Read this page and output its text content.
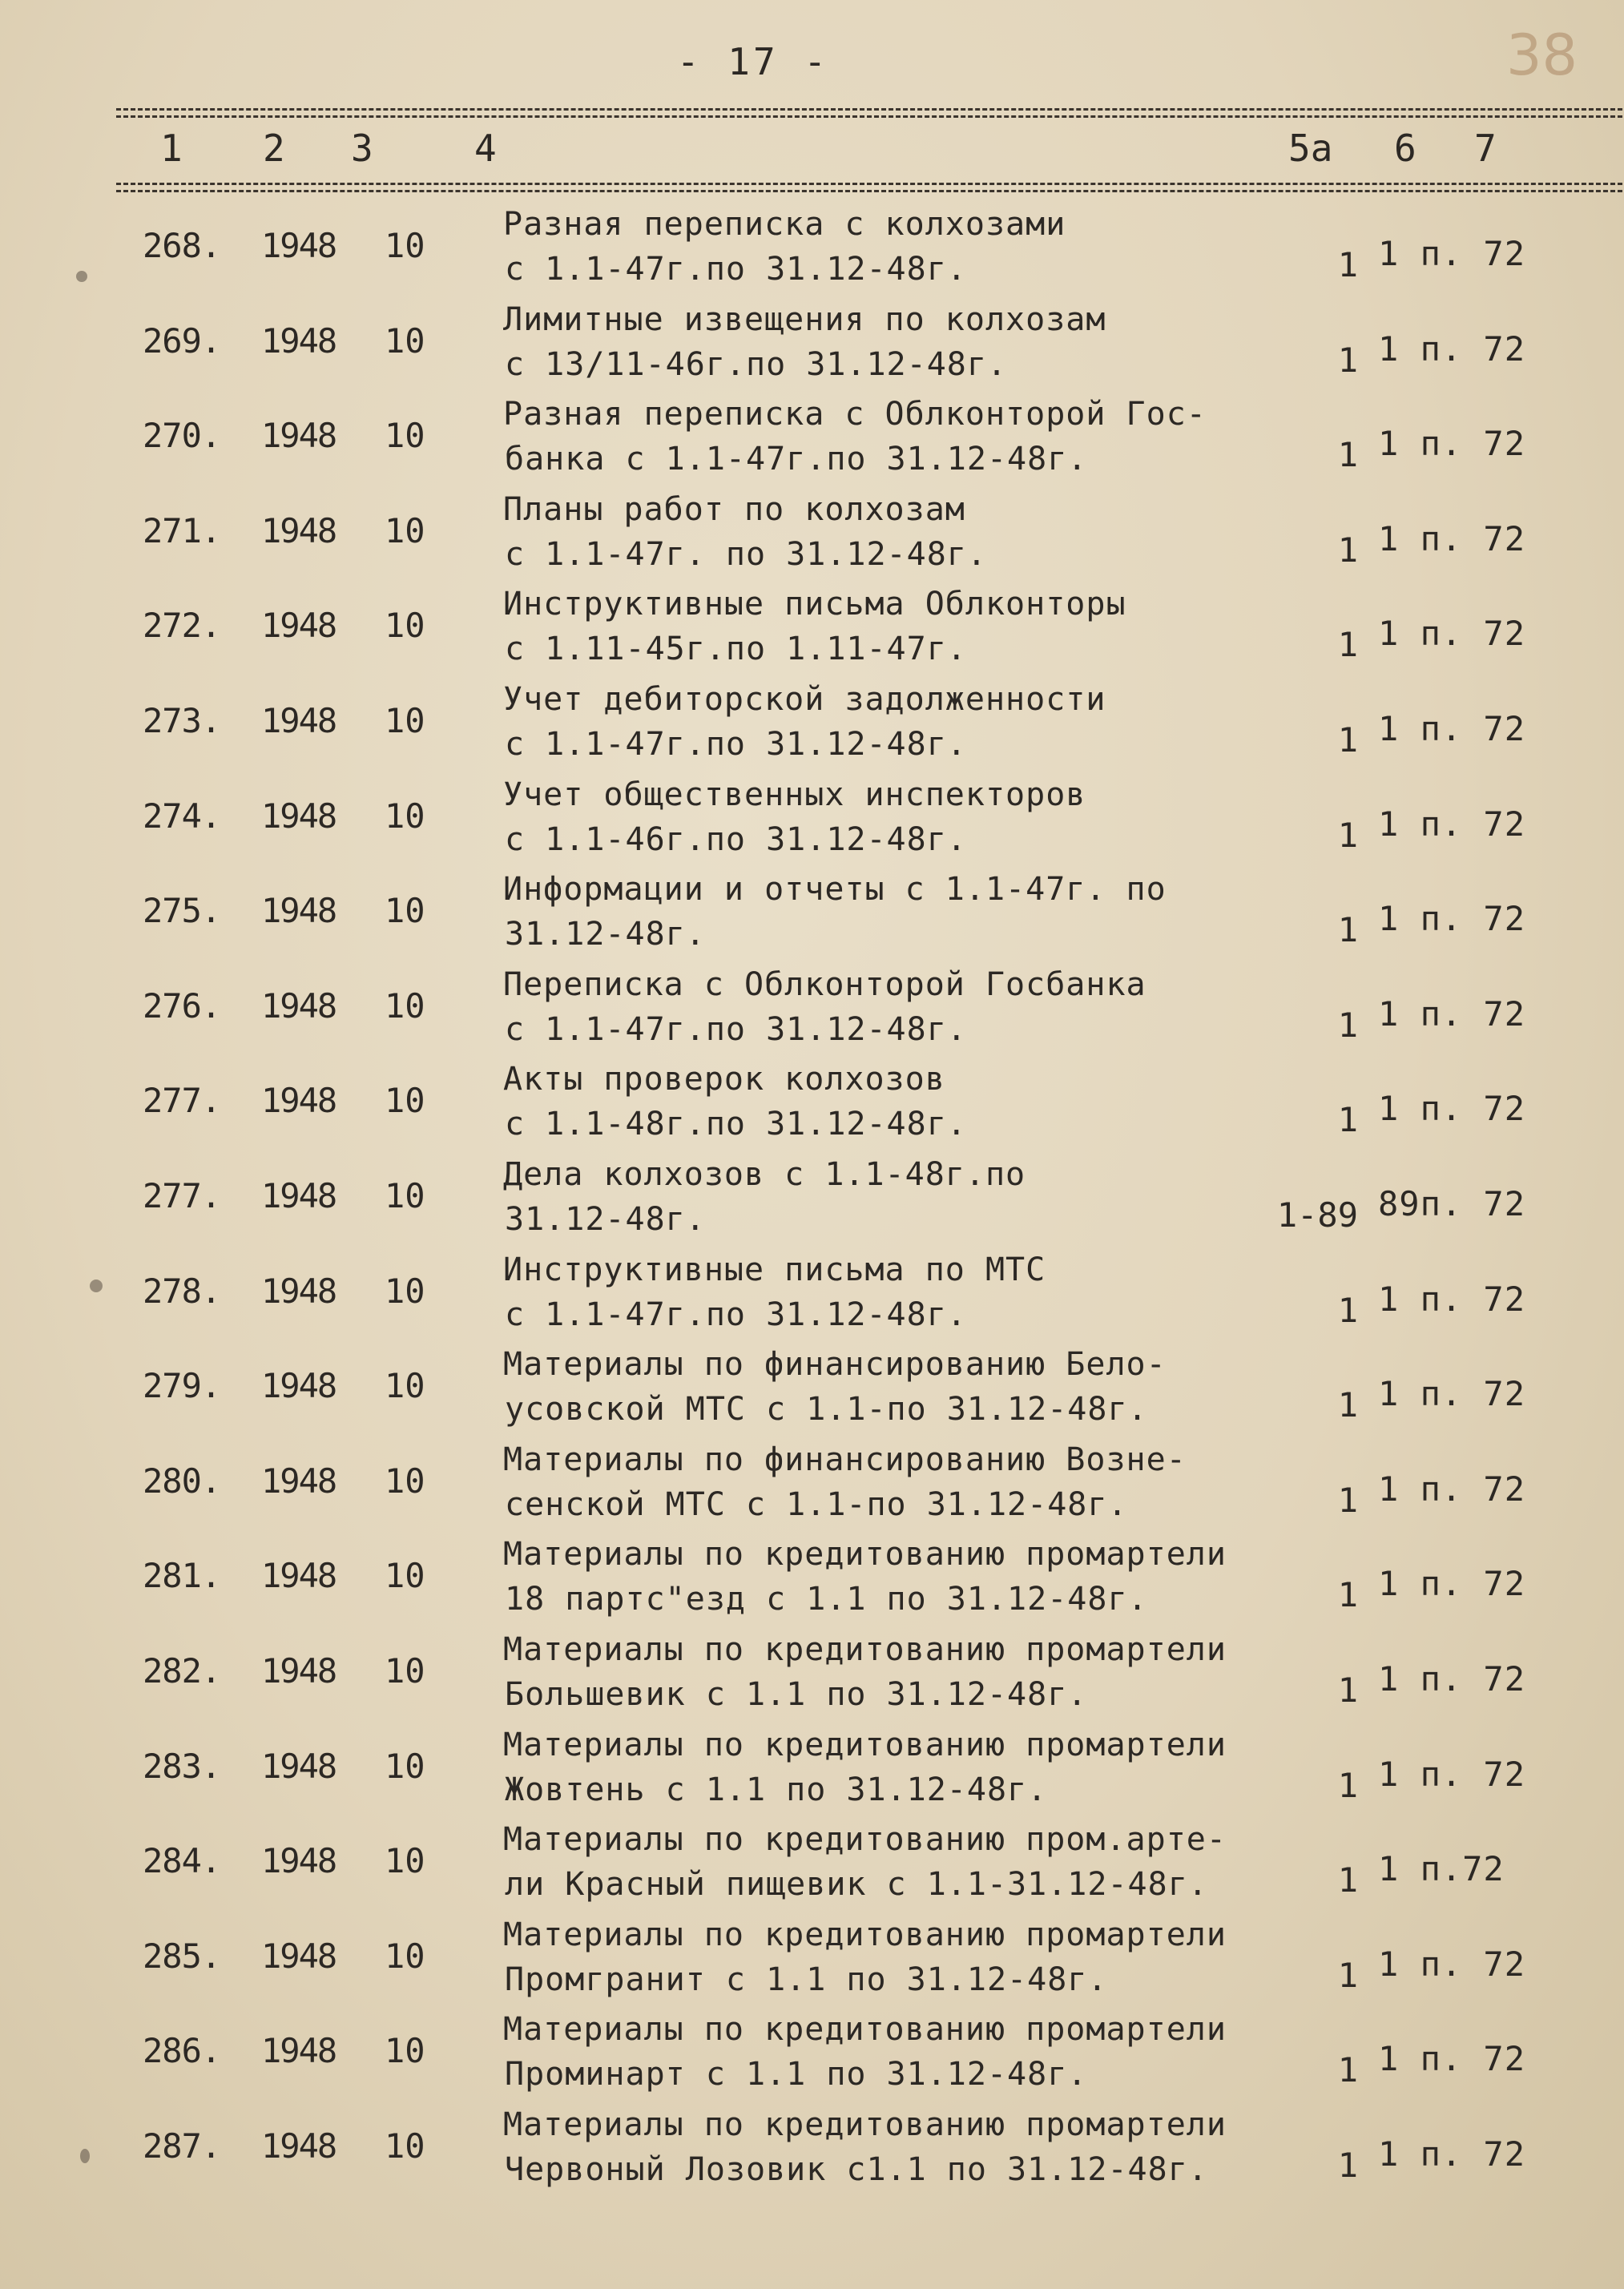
- 17 -	38
1 2 3	4	5а 6 7
268. 1948 10	1 1 п. 72
Разная переписка с колхозами
с 1.1-47г.по 31.12-48г.
269. 1948 10	1 1 п. 72
Лимитные извещения по колхозам
с 13/11-46г.по 31.12-48г.
270. 1948 10	1 1 п. 72
Разная переписка с Облконторой Гос-
банка с 1.1-47г.по 31.12-48г.
271. 1948 10	1 1 п. 72
Планы работ по колхозам
с 1.1-47г. по 31.12-48г.
272. 1948 10	1 1 п. 72
Инструктивные письма Облконторы
с 1.11-45г.по 1.11-47г.
273. 1948 10	1 1 п. 72
Учет дебиторской задолженности
с 1.1-47г.по 31.12-48г.
274. 1948 10	1 1 п. 72
Учет общественных инспекторов
с 1.1-46г.по 31.12-48г.
275. 1948 10	1 1 п. 72
Информации и отчеты с 1.1-47г. по
31.12-48г.
276. 1948 10	1 1 п. 72
Переписка с Облконторой Госбанка
с 1.1-47г.по 31.12-48г.
277. 1948 10	1 1 п. 72
Акты проверок колхозов
с 1.1-48г.по 31.12-48г.
277. 1948 10	1-89 89п. 72
Дела колхозов с 1.1-48г.по
31.12-48г.
278. 1948 10	1 1 п. 72
Инструктивные письма по МТС
с 1.1-47г.по 31.12-48г.
279. 1948 10	1 1 п. 72
Материалы по финансированию Бело-
усовской МТС с 1.1-по 31.12-48г.
280. 1948 10	1 1 п. 72
Материалы по финансированию Возне-
сенской МТС с 1.1-по 31.12-48г.
281. 1948 10	1 1 п. 72
Материалы по кредитованию промартели
18 партс"езд с 1.1 по 31.12-48г.
282. 1948 10	1 1 п. 72
Материалы по кредитованию промартели
Большевик с 1.1 по 31.12-48г.
283. 1948 10	1 1 п. 72
Материалы по кредитованию промартели
Жовтень с 1.1 по 31.12-48г.
284. 1948 10	1 1 п.72
Материалы по кредитованию пром.арте-
ли Красный пищевик с 1.1-31.12-48г.
285. 1948 10	1 1 п. 72
Материалы по кредитованию промартели
Промгранит с 1.1 по 31.12-48г.
286. 1948 10	1 1 п. 72
Материалы по кредитованию промартели
Проминарт с 1.1 по 31.12-48г.
287. 1948 10	1 1 п. 72
Материалы по кредитованию промартели
Червоный Лозовик с1.1 по 31.12-48г.
